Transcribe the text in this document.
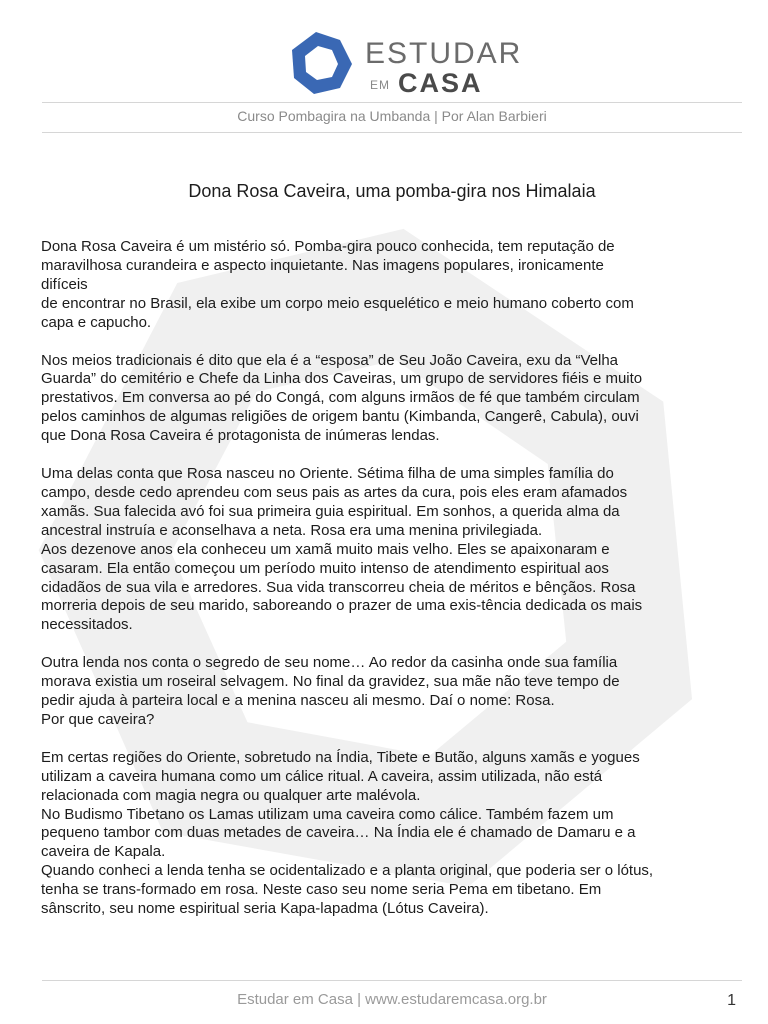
ESTUDAR
EM CASA
Curso Pombagira na Umbanda | Por Alan Barbieri
Dona Rosa Caveira, uma pomba-gira nos Himalaia

Dona Rosa Caveira é um mistério só. Pomba-gira pouco conhecida, tem reputação de
maravilhosa curandeira e aspecto inquietante. Nas imagens populares, ironicamente
difíceis
de encontrar no Brasil, ela exibe um corpo meio esquelético e meio humano coberto com
capa e capucho.

Nos meios tradicionais é dito que ela é a “esposa” de Seu João Caveira, exu da “Velha
Guarda” do cemitério e Chefe da Linha dos Caveiras, um grupo de servidores fiéis e muito
prestativos. Em conversa ao pé do Congá, com alguns irmãos de fé que também circulam
pelos caminhos de algumas religiões de origem bantu (Kimbanda, Cangerê, Cabula), ouvi
que Dona Rosa Caveira é protagonista de inúmeras lendas.

Uma delas conta que Rosa nasceu no Oriente. Sétima filha de uma simples família do
campo, desde cedo aprendeu com seus pais as artes da cura, pois eles eram afamados
xamãs. Sua falecida avó foi sua primeira guia espiritual. Em sonhos, a querida alma da
ancestral instruía e aconselhava a neta. Rosa era uma menina privilegiada.
Aos dezenove anos ela conheceu um xamã muito mais velho. Eles se apaixonaram e
casaram. Ela então começou um período muito intenso de atendimento espiritual aos
cidadãos de sua vila e arredores. Sua vida transcorreu cheia de méritos e bênçãos. Rosa
morreria depois de seu marido, saboreando o prazer de uma exis-tência dedicada os mais
necessitados.

Outra lenda nos conta o segredo de seu nome… Ao redor da casinha onde sua família
morava existia um roseiral selvagem. No final da gravidez, sua mãe não teve tempo de
pedir ajuda à parteira local e a menina nasceu ali mesmo. Daí o nome: Rosa.
Por que caveira?

Em certas regiões do Oriente, sobretudo na Índia, Tibete e Butão, alguns xamãs e yogues
utilizam a caveira humana como um cálice ritual. A caveira, assim utilizada, não está
relacionada com magia negra ou qualquer arte malévola.
No Budismo Tibetano os Lamas utilizam uma caveira como cálice. Também fazem um
pequeno tambor com duas metades de caveira… Na Índia ele é chamado de Damaru e a
caveira de Kapala.
Quando conheci a lenda tenha se ocidentalizado e a planta original, que poderia ser o lótus,
tenha se trans-formado em rosa. Neste caso seu nome seria Pema em tibetano. Em
sânscrito, seu nome espiritual seria Kapa-lapadma (Lótus Caveira).

Estudar em Casa | www.estudaremcasa.org.br	1
